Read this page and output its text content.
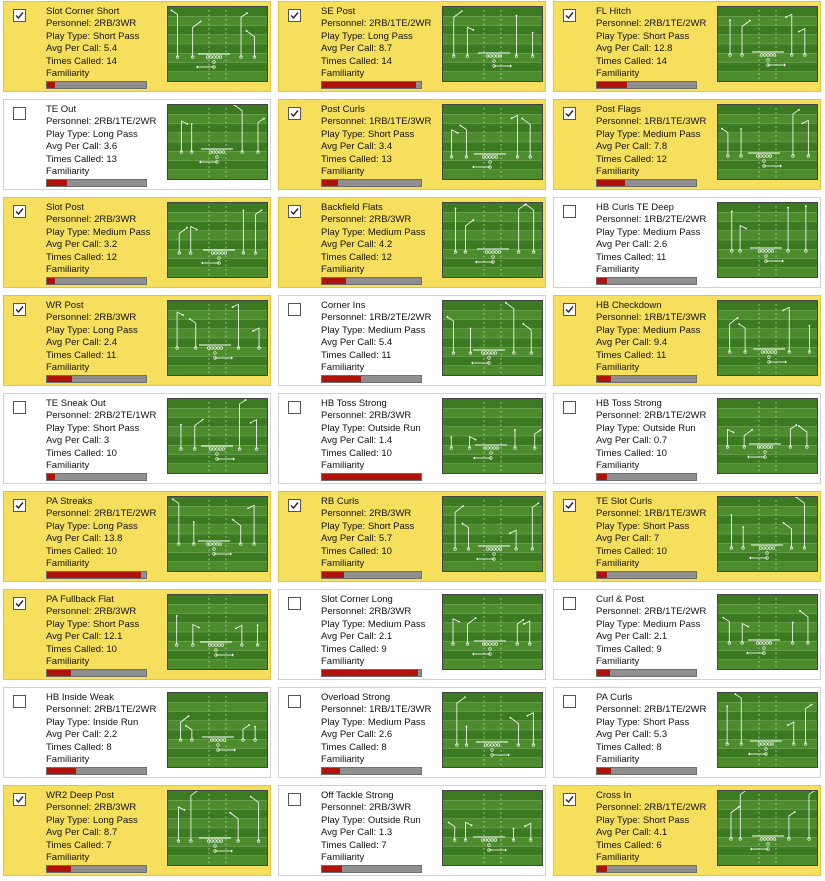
Slot Corner Short
Personnel: 2RB/3WR
Play Type: Short Pass
Avg Per Call: 5.4
Times Called: 14
Familiarity
SE Post
Personnel: 2RB/1TE/2WR
Play Type: Long Pass
Avg Per Call: 8.7
Times Called: 14
Familiarity
FL Hitch
Personnel: 2RB/1TE/2WR
Play Type: Short Pass
Avg Per Call: 12.8
Times Called: 14
Familiarity
TE Out
Personnel: 2RB/1TE/2WR
Play Type: Long Pass
Avg Per Call: 3.6
Times Called: 13
Familiarity
Post Curls
Personnel: 1RB/1TE/3WR
Play Type: Short Pass
Avg Per Call: 3.4
Times Called: 13
Familiarity
Post Flags
Personnel: 1RB/1TE/3WR
Play Type: Medium Pass
Avg Per Call: 7.8
Times Called: 12
Familiarity
Slot Post
Personnel: 2RB/3WR
Play Type: Medium Pass
Avg Per Call: 3.2
Times Called: 12
Familiarity
Backfield Flats
Personnel: 2RB/3WR
Play Type: Medium Pass
Avg Per Call: 4.2
Times Called: 12
Familiarity
HB Curls TE Deep
Personnel: 1RB/2TE/2WR
Play Type: Medium Pass
Avg Per Call: 2.6
Times Called: 11
Familiarity
WR Post
Personnel: 2RB/3WR
Play Type: Long Pass
Avg Per Call: 2.4
Times Called: 11
Familiarity
Corner Ins
Personnel: 1RB/2TE/2WR
Play Type: Medium Pass
Avg Per Call: 5.4
Times Called: 11
Familiarity
HB Checkdown
Personnel: 1RB/1TE/3WR
Play Type: Medium Pass
Avg Per Call: 9.4
Times Called: 11
Familiarity
TE Sneak Out
Personnel: 2RB/2TE/1WR
Play Type: Short Pass
Avg Per Call: 3
Times Called: 10
Familiarity
HB Toss Strong
Personnel: 2RB/3WR
Play Type: Outside Run
Avg Per Call: 1.4
Times Called: 10
Familiarity
HB Toss Strong
Personnel: 2RB/1TE/2WR
Play Type: Outside Run
Avg Per Call: 0.7
Times Called: 10
Familiarity
PA Streaks
Personnel: 2RB/1TE/2WR
Play Type: Long Pass
Avg Per Call: 13.8
Times Called: 10
Familiarity
RB Curls
Personnel: 2RB/3WR
Play Type: Short Pass
Avg Per Call: 5.7
Times Called: 10
Familiarity
TE Slot Curls
Personnel: 1RB/1TE/3WR
Play Type: Short Pass
Avg Per Call: 7
Times Called: 10
Familiarity
PA Fullback Flat
Personnel: 2RB/3WR
Play Type: Short Pass
Avg Per Call: 12.1
Times Called: 10
Familiarity
Slot Corner Long
Personnel: 2RB/3WR
Play Type: Medium Pass
Avg Per Call: 2.1
Times Called: 9
Familiarity
Curl & Post
Personnel: 2RB/1TE/2WR
Play Type: Medium Pass
Avg Per Call: 2.1
Times Called: 9
Familiarity
HB Inside Weak
Personnel: 2RB/1TE/2WR
Play Type: Inside Run
Avg Per Call: 2.2
Times Called: 8
Familiarity
Overload Strong
Personnel: 1RB/1TE/3WR
Play Type: Medium Pass
Avg Per Call: 2.6
Times Called: 8
Familiarity
PA Curls
Personnel: 2RB/1TE/2WR
Play Type: Short Pass
Avg Per Call: 5.3
Times Called: 8
Familiarity
WR2 Deep Post
Personnel: 2RB/3WR
Play Type: Long Pass
Avg Per Call: 8.7
Times Called: 7
Familiarity
Off Tackle Strong
Personnel: 2RB/3WR
Play Type: Outside Run
Avg Per Call: 1.3
Times Called: 7
Familiarity
Cross In
Personnel: 2RB/1TE/2WR
Play Type: Short Pass
Avg Per Call: 4.1
Times Called: 6
Familiarity
